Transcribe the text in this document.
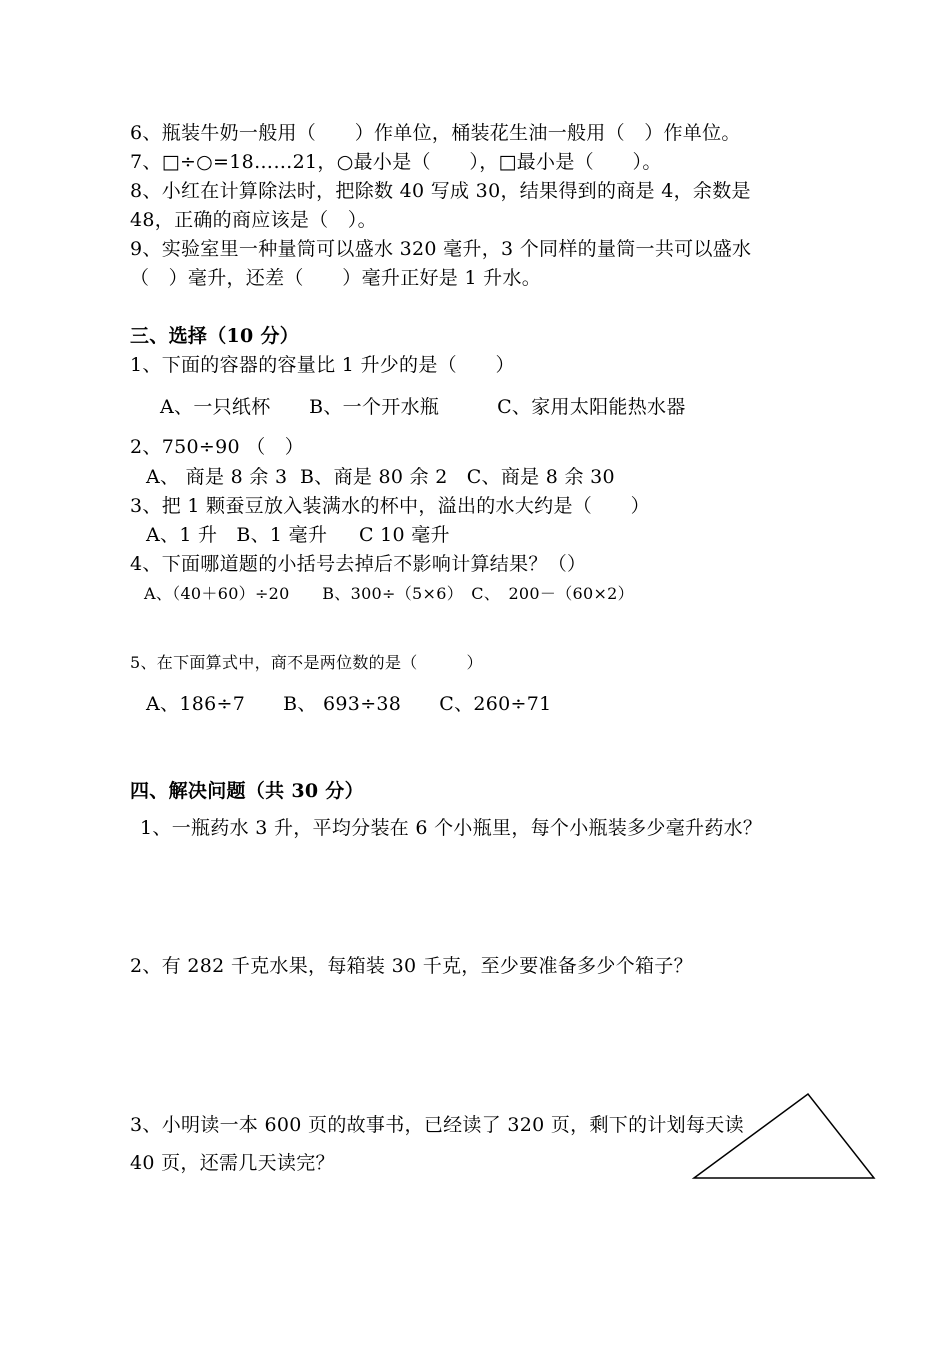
6、瓶装牛奶一般用（　　）作单位，桶装花生油一般用（　）作单位。
7、□÷○=18……21，○最小是（　　），□最小是（　　）。
8、小红在计算除法时，把除数 40 写成 30，结果得到的商是 4，余数是
48，正确的商应该是（　）。
9、实验室里一种量筒可以盛水 320 毫升，3 个同样的量筒一共可以盛水
（　）毫升，还差（　　）毫升正好是 1 升水。
三、选择（10 分）
1、下面的容器的容量比 1 升少的是（　　）
A、一只纸杯　　B、一个开水瓶　　　C、家用太阳能热水器
2、750÷90 （　）
A、 商是 8 余 3  B、商是 80 余 2   C、商是 8 余 30
3、把 1 颗蚕豆放入装满水的杯中，溢出的水大约是（　　）
A、1 升   B、1 毫升     C 10 毫升
4、下面哪道题的小括号去掉后不影响计算结果？（）
A、（40＋60）÷20　　B、300÷（5×6）　C、　200－（60×2）
5、在下面算式中，商不是两位数的是（　　　）
A、186÷7      B、 693÷38      C、260÷71
四、解决问题（共 30 分）
1、一瓶药水 3 升，平均分装在 6 个小瓶里，每个小瓶装多少毫升药水？
2、有 282 千克水果，每箱装 30 千克，至少要准备多少个箱子？
3、小明读一本 600 页的故事书，已经读了 320 页，剩下的计划每天读
40 页，还需几天读完？
